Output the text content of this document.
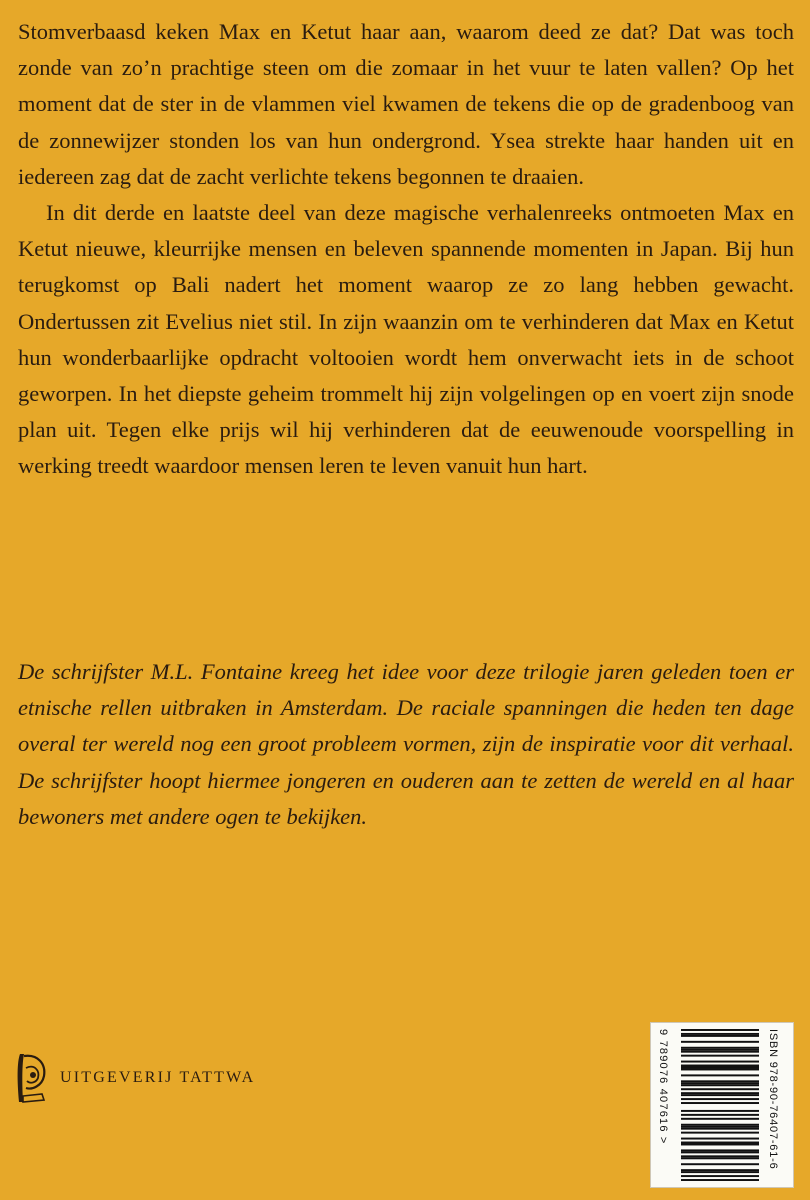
Stomverbaasd keken Max en Ketut haar aan, waarom deed ze dat? Dat was toch zonde van zo’n prachtige steen om die zomaar in het vuur te laten vallen? Op het moment dat de ster in de vlammen viel kwamen de tekens die op de gradenboog van de zonnewijzer stonden los van hun ondergrond. Ysea strekte haar handen uit en iedereen zag dat de zacht verlichte tekens begonnen te draaien.

In dit derde en laatste deel van deze magische verhalenreeks ontmoeten Max en Ketut nieuwe, kleurrijke mensen en beleven spannende momenten in Japan. Bij hun terugkomst op Bali nadert het moment waarop ze zo lang hebben gewacht. Ondertussen zit Evelius niet stil. In zijn waanzin om te verhinderen dat Max en Ketut hun wonderbaarlijke opdracht voltooien wordt hem onverwacht iets in de schoot geworpen. In het diepste geheim trommelt hij zijn volgelingen op en voert zijn snode plan uit. Tegen elke prijs wil hij verhinderen dat de eeuwenoude voorspelling in werking treedt waardoor mensen leren te leven vanuit hun hart.

De schrijfster M.L. Fontaine kreeg het idee voor deze trilogie jaren geleden toen er etnische rellen uitbraken in Amsterdam. De raciale spanningen die heden ten dage overal ter wereld nog een groot probleem vormen, zijn de inspiratie voor dit verhaal. De schrijfster hoopt hiermee jongeren en ouderen aan te zetten de wereld en al haar bewoners met andere ogen te bekijken.

UITGEVERIJ TATTWA	ISBN 978-90-76407-61-6
9 789076 407616 >
